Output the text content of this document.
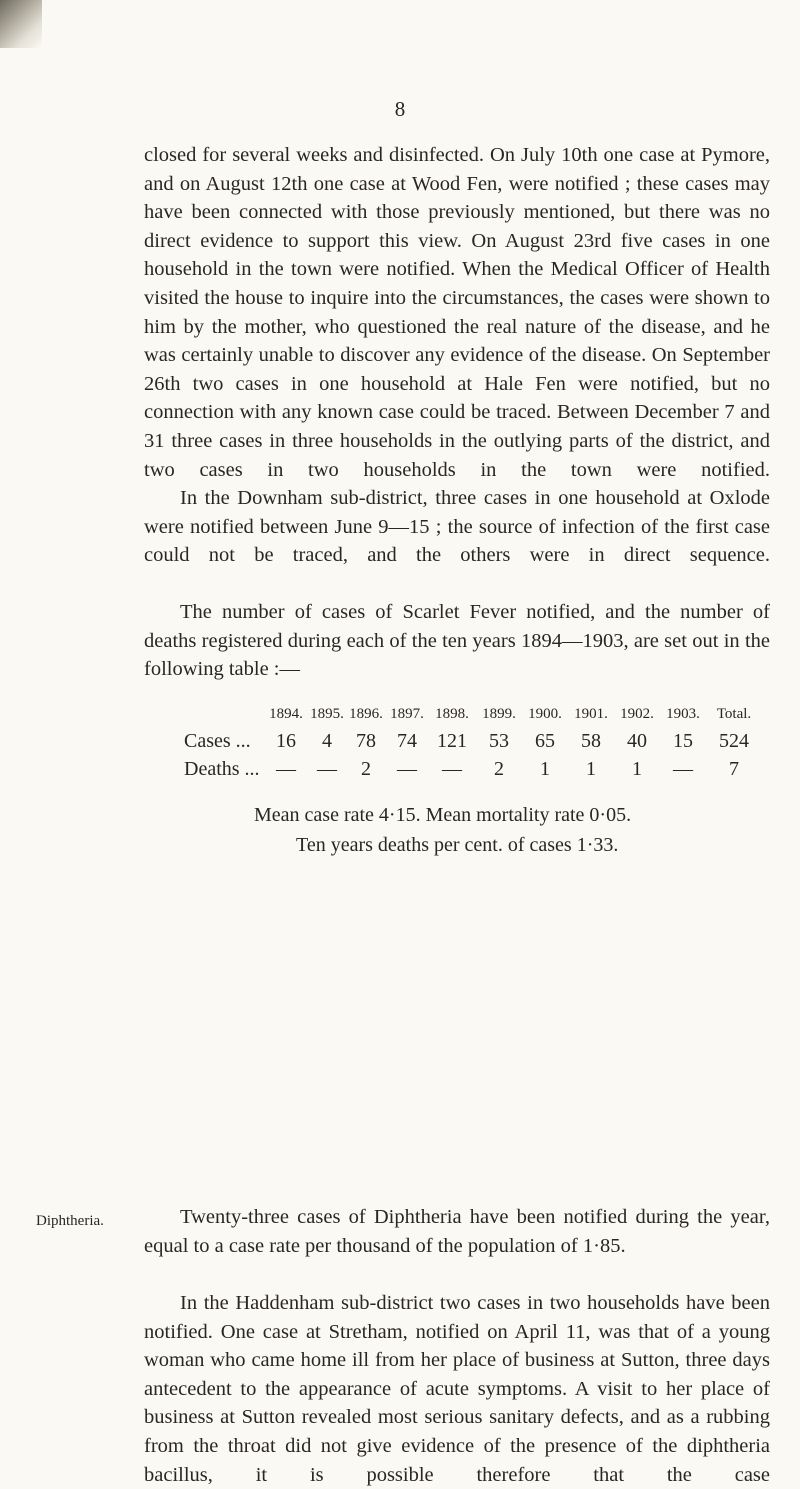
8

closed for several weeks and disinfected. On July 10th one case at Pymore, and on August 12th one case at Wood Fen, were notified ; these cases may have been connected with those previously mentioned, but there was no direct evidence to support this view. On August 23rd five cases in one household in the town were notified. When the Medical Officer of Health visited the house to inquire into the circumstances, the cases were shown to him by the mother, who questioned the real nature of the disease, and he was certainly unable to discover any evidence of the disease. On September 26th two cases in one household at Hale Fen were notified, but no connection with any known case could be traced. Between December 7 and 31 three cases in three households in the outlying parts of the district, and two cases in two households in the town were notified.

In the Downham sub-district, three cases in one household at Oxlode were notified between June 9—15 ; the source of infection of the first case could not be traced, and the others were in direct sequence.

The number of cases of Scarlet Fever notified, and the number of deaths registered during each of the ten years 1894—1903, are set out in the following table :—

	1894.	1895.	1896.	1897.	1898.	1899.	1900.	1901.	1902.	1903.	Total.
Cases ...	16	4	78	74	121	53	65	58	40	15	524
Deaths ...	—	—	2	—	—	2	1	1	1	—	7
Mean case rate 4·15. Mean mortality rate 0·05.
Ten years deaths per cent. of cases 1·33.
Diphtheria.	Twenty-three cases of Diphtheria have been notified during the year, equal to a case rate per thousand of the population of 1·85.

In the Haddenham sub-district two cases in two households have been notified. One case at Stretham, notified on April 11, was that of a young woman who came home ill from her place of business at Sutton, three days antecedent to the appearance of acute symptoms. A visit to her place of business at Sutton revealed most serious sanitary defects, and as a rubbing from the throat did not give evidence of the presence of the diphtheria bacillus, it is possible therefore that the case
